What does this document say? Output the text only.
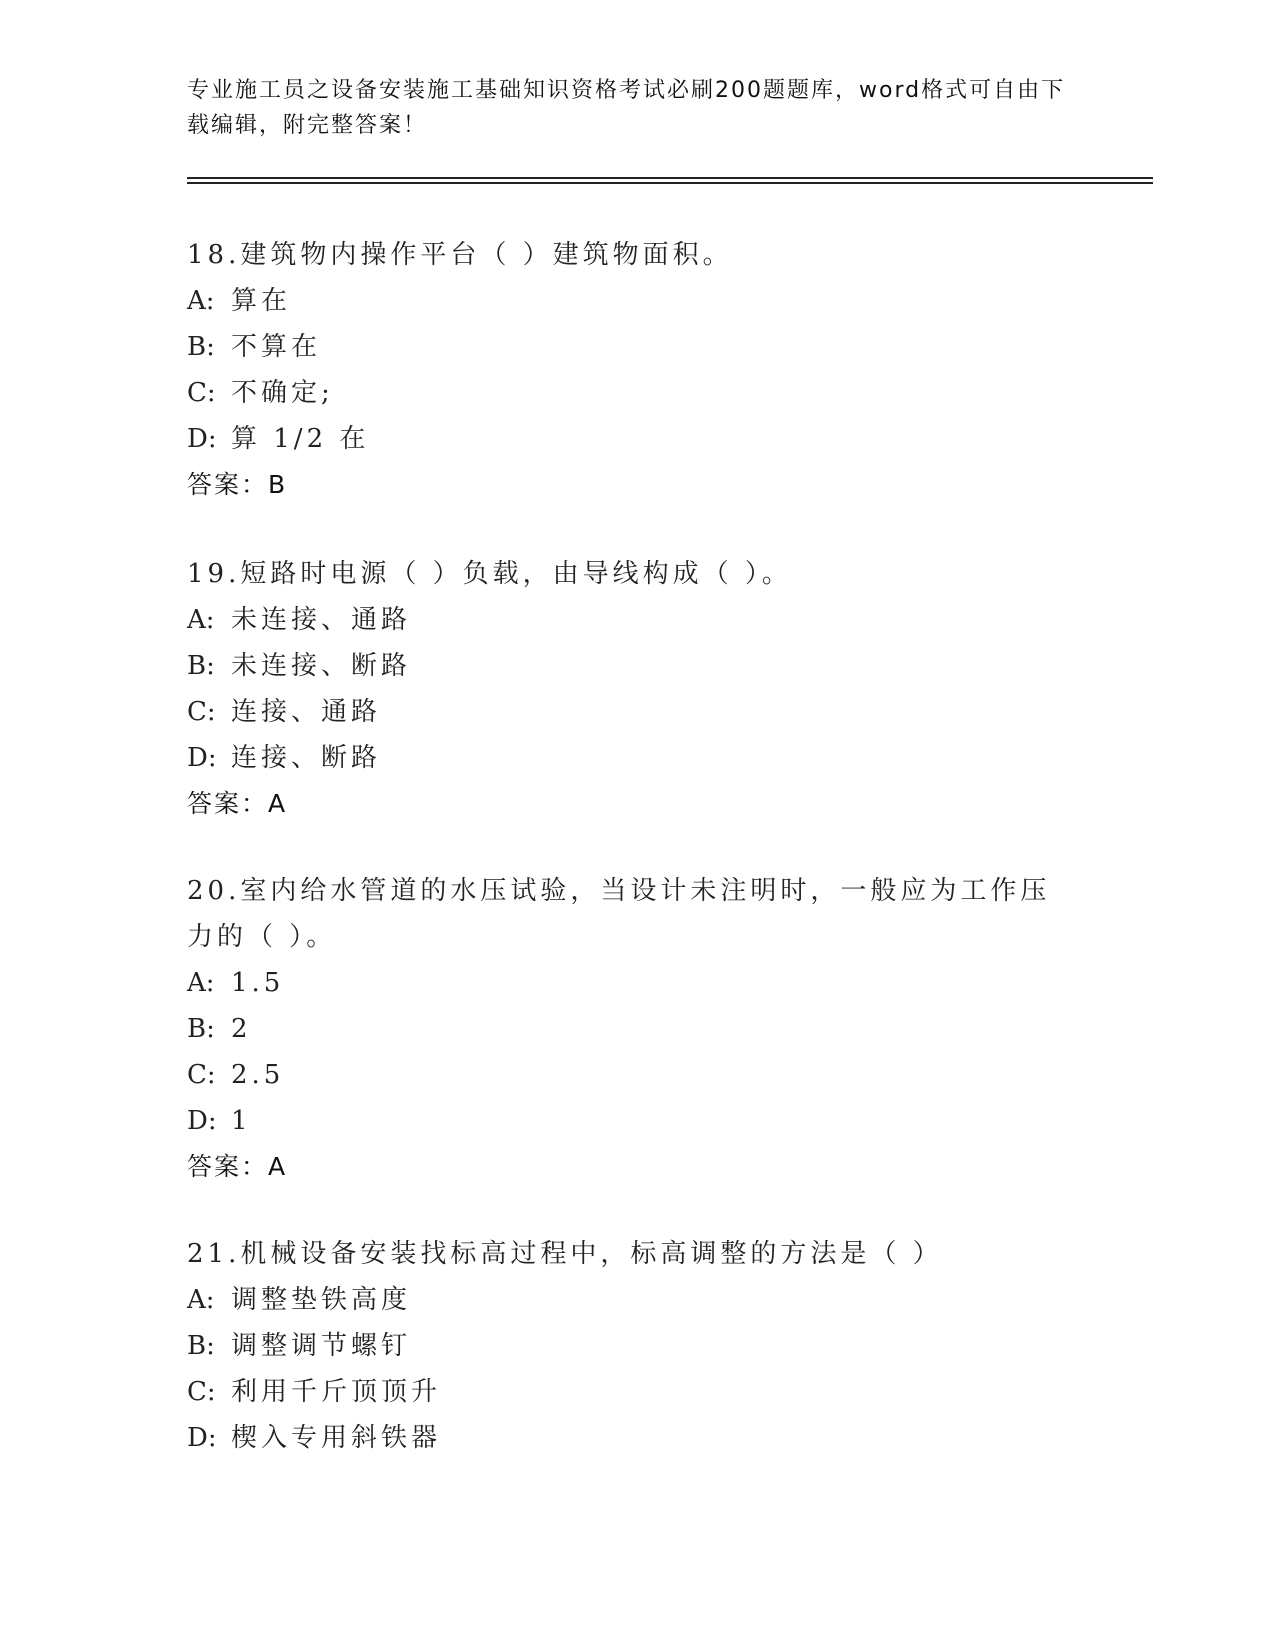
专业施工员之设备安装施工基础知识资格考试必刷200题题库，word格式可自由下载编辑，附完整答案！

18.建筑物内操作平台（ ）建筑物面积。

A: 算在

B: 不算在

C: 不确定;

D: 算 1/2 在

答案：B

19.短路时电源（ ）负载，由导线构成（ ）。

A: 未连接、通路

B: 未连接、断路

C: 连接、通路

D: 连接、断路

答案：A

20.室内给水管道的水压试验，当设计未注明时，一般应为工作压力的（ ）。

A: 1.5

B: 2

C: 2.5

D: 1

答案：A

21.机械设备安装找标高过程中，标高调整的方法是（ ）

A: 调整垫铁高度

B: 调整调节螺钉

C: 利用千斤顶顶升

D: 楔入专用斜铁器
